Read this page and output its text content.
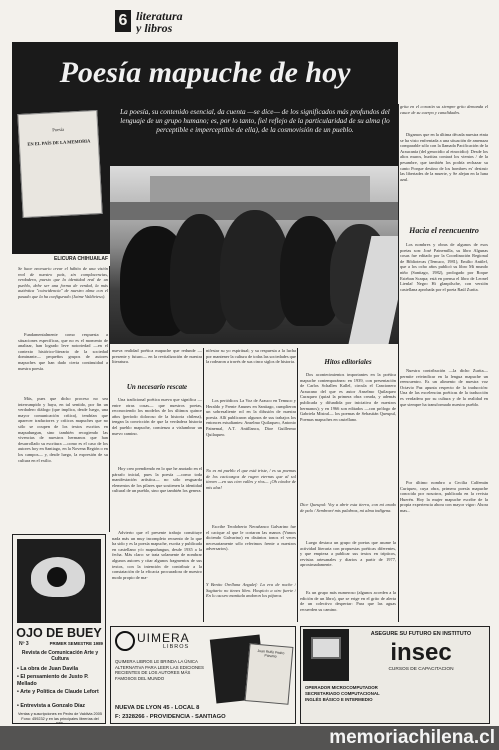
6 literatura
y libros
Poesía mapuche de hoy
La poesía, su contenido esencial, da cuenta —se dice— de los significados más profundos del lenguaje de un grupo humano; es, por lo tanto, fiel reflejo de la particularidad de su alma (lo perceptible e imperceptible de ella), de la cosmovisión de un pueblo.
Poesía
EN EL PAÍS DE LA MEMORIA
ELICURA CHIHUAILAF
Se hace necesario crear el hábito de una visión real de nuestro país, sin complacencias, verdadera, puesto que la identidad real de un pueblo, debe ser una forma de verdad, la más auténtica "coincidencia" de nuestro alma con el pasado que la ha configurado (Jaime Valdivieso).
Fundamentalmente como respuesta a situaciones específicas, que no es el momento de analizar, han logrado leve notoriedad —en el contexto histórico-literario de la sociedad dominante— pequeños grupos de autores mapuches que han dado cierta continuidad a nuestra poesía.
Más, pues que dicho proceso no sea interrumpido y haya, en tal sentido, por fin un verdadero diálogo (que implica, desde luego, una mayor comunicación crítica), tendrían que aparecer traductores y críticos mapuches que no sólo se ocupen de los textos escritos en mapudungun, sino también recogiendo las vivencias de nuestros hermanos que han desarrollado su escritura —como es el caso de los autores hoy en Santiago, en la Novena Región o en los campos— y, desde luego, la expresión de su cultura en el exilio.
nueva realidad poética mapuche que redunde —presente y futuro— en la revitalización de nuestra literatura.
Un necesario rescate
Una tradicional poética nueva que significa —entre otras cosas— que nuestros poetas, reconociendo los modelos de los últimos quince años (período doloroso de la historia chilena), tengan la convicción de que la verdadera historia del pueblo mapuche, comienza a vislumbrar un nuevo camino.
Hoy creo prendiendo en lo que he anotado en el párrafo inicial, pues la poesía —como toda manifestación artística— no sólo resguarda elementos de los pilares que sostienen la identidad cultural de un pueblo, sino que también los genera.
Advierto que el presente trabajo constituye nada más un muy incompleto recuento de lo que ha sido y es la poesía mapuche, escrita y publicada en castellano y/o mapudungun, desde 1935 a la fecha. Más claro: se trata solamente de nombrar algunos autores y citar algunos fragmentos de sus textos, con la intención de contribuir a la constatación de la eficacia procuradora de nuestro modo propio de ma-
nifestar su yo espiritual; y su respuesta a la lucha por mantener la cultura de todas las sociedades que la rodearon a través de sus cinco siglos de historia.
Los periódicos La Voz de Arauco en Temuco y Heraldo y Frente Anunes en Santiago, cumplieron un sobresaliente rol en la difusión de nuestra poesía. Allí publicaron algunos de sus trabajos los entonces estudiantes: Anselmo Quilaqueo, Antonio Painemal, A.T. Antillanca, Dioe Guillermo Quilaqueo.
No es mi pueblo el que está triste, / es su poemas de los cacicazgos de rugen eternas que al sol tienen —en sus cien valles y ríos— ¡Oh cóndor de mis alas!
Escribe Teodoberto Necuñanco Galvarino fue el cacique al que le cortaron las manos (Vamos diciendo Galvarino) en distintos tonos el veces necesariamente sólo referimos frente a nuestros adversarios).
Y Benito Orellana Angulef: La era de noche / Sagitario no tienes libro. Hospicio a otro fuerte / En lo oscuro manitala andaron los pájaros.
Hitos editoriales
Dos acontecimientos importantes en la poética mapuche contemporánea: en 1939, con presentación de Carlos Schallen Kallel, circula el Cancionero Araucano del que es autor Anselmo Quilaqueo Curaqueo (quizá la primera obra creada, y además publicada y difundida por iniciativa de nuestros hermanos); y en 1966 son editados —con prólogo de Gabriela Mistral— los poemas de Sebastián Queupul, Poemas mapuches en castellano.
Dice Queupul: Voy a abrir esta tierra, con mi arado de palo / Sembraré mis palabras, mi alma indígena.
Luego destaca un grupo de poetas que asume la actividad literaria con propuestas poéticas diferentes, y que empieza a publicar sus textos en trípticos, revistas artesanales y diarios a partir de 1977, aproximadamente.
Es un grupo más numeroso (algunos acceden a la edición de un libro), que se erige en el grito de alerta de un colectivo despertar: Para que las aguas recuerden su camino.
grita en el corazón su siempre grito demanda el cauce de su cuerpo y canalidades.
Digamos que en la última década nuestra etnia se ha visto enfrentada a una situación de amenaza comparable sólo con la llamada Pacificación de la Araucanía (del genocidio al etnocidio): Desde los altos muros, hurtitas contará los vientos / de la pesambre, que también los podría rechazar su canto Porque destino de los hombres es' destruir las libertades de la muerte, y Se alejan en la luna azul.
Hacia el reencuentro
Los nombres y obras de algunos de esos poetas son: José Painemilla, su libro Algunas cosas fue editado por la Coordinación Regional de Bibliotecas (Temuco, 1981), Emilio Antilef, que a los ocho años publicó su libro Mi mundo niño (Santiago, 1982), prologado por Roque Esteban Scarpa; está en prensa el libro de Leonel Lienlaf Negro Hi glanpilsche, con versión castellana aprobada por el poeta Raúl Zurita.
Nuestra contribución —la dicho Zurita— permite reivindicar en la lengua mapuche un reencuentro. Es un alimento de nuestra voz Octavio Paz apunta respecto de la traducción: Una de las excelencias poéticas de la traducción es verdadera por su cultura y de la realidad en que siempre ha transformado nuestro pueblo.
Por último nombro a Cecilia Calfemán Curiqueo, cuya obra, primera poesía mapuche conocida por nosotros, publicada en la revista Huerén. Hoy la mujer mapuche escribe de la propia experiencia ahora con mayor vigor: Ahora mas...
OJO DE BUEY
Nº 3	PRIMER SEMESTRE 1989
Revista de Comunicación Arte y Cultura
• La obra de Juan Davila
• El pensamiento de Justo P. Mellado
• Arte y Política de Claude Lefort
• Entrevista a Gonzalo Díaz
Ventas y suscripciones en Pedro de Valdivia 2005 Fono: 459232 y en las principales librerías del país.
UIMERA
LIBROS
QUIMERA LIBROS LE BRINDA LA ÚNICA ALTERNATIVA PARA LEER LAS EDICIONES RECIENTES DE LOS AUTORES MÁS FAMOSOS DEL MUNDO
Juan Rulfo Pedro Páramo
NUEVA DE LYON 45 - LOCAL 8
F: 2328266 - PROVIDENCIA - SANTIAGO
ASEGURE SU FUTURO EN INSTITUTO
insec
CURSOS DE CAPACITACIÓN
OPERADOR MICROCOMPUTADOR
SECRETARIADO COMPUTACIONAL
INGLÉS BÁSICO E INTERMEDIO
memoriachilena.cl
